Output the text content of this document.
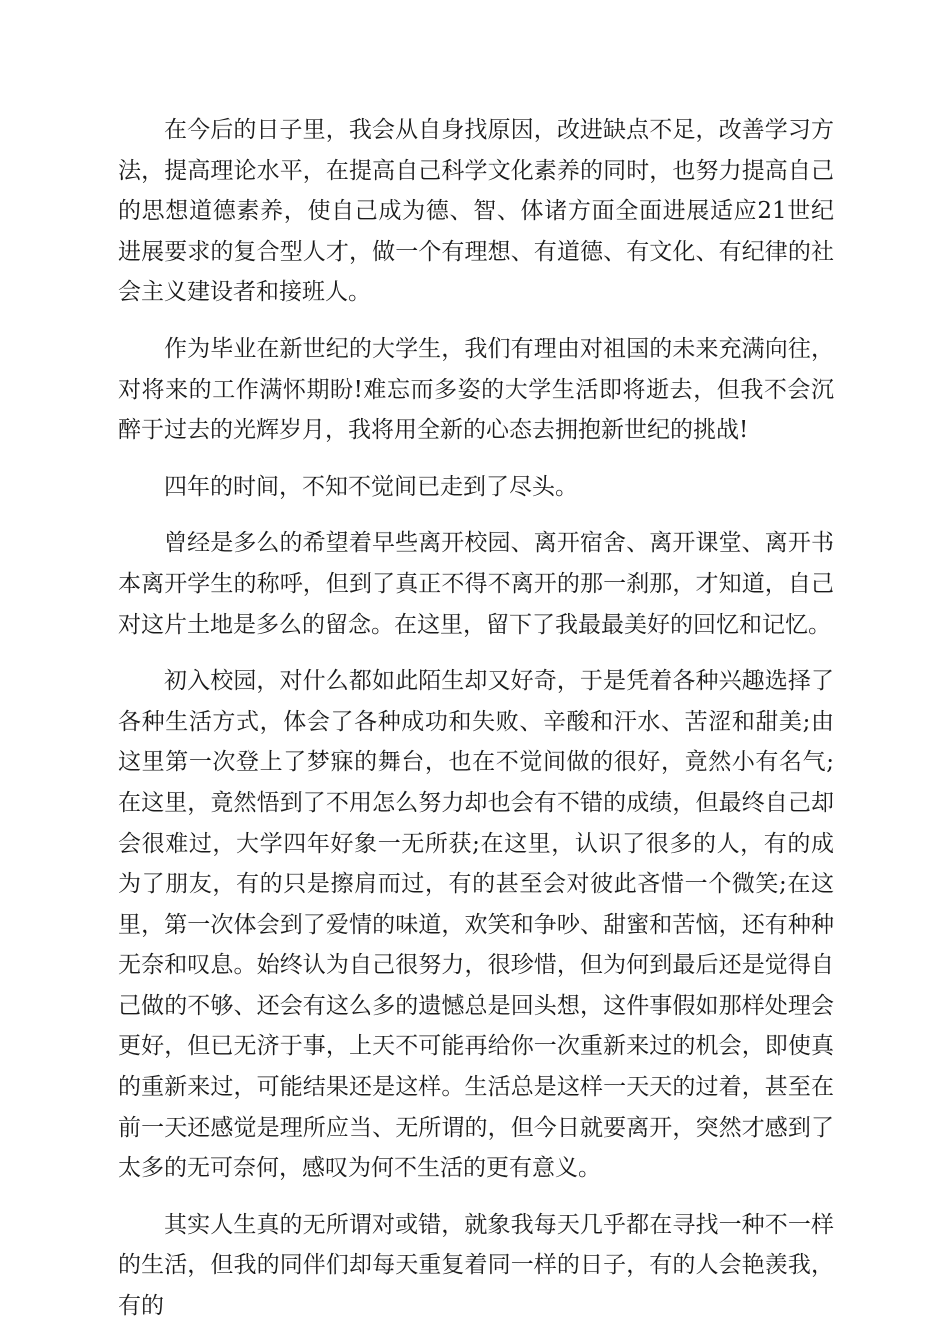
在今后的日子里，我会从自身找原因，改进缺点不足，改善学习方法，提高理论水平，在提高自己科学文化素养的同时，也努力提高自己的思想道德素养，使自己成为德、智、体诸方面全面进展适应21世纪进展要求的复合型人才，做一个有理想、有道德、有文化、有纪律的社会主义建设者和接班人。

作为毕业在新世纪的大学生，我们有理由对祖国的未来充满向往，对将来的工作满怀期盼!难忘而多姿的大学生活即将逝去，但我不会沉醉于过去的光辉岁月，我将用全新的心态去拥抱新世纪的挑战!

四年的时间，不知不觉间已走到了尽头。

曾经是多么的希望着早些离开校园、离开宿舍、离开课堂、离开书本离开学生的称呼，但到了真正不得不离开的那一刹那，才知道，自己对这片土地是多么的留念。在这里，留下了我最最美好的回忆和记忆。

初入校园，对什么都如此陌生却又好奇，于是凭着各种兴趣选择了各种生活方式，体会了各种成功和失败、辛酸和汗水、苦涩和甜美;由这里第一次登上了梦寐的舞台，也在不觉间做的很好，竟然小有名气;在这里，竟然悟到了不用怎么努力却也会有不错的成绩，但最终自己却会很难过，大学四年好象一无所获;在这里，认识了很多的人，有的成为了朋友，有的只是擦肩而过，有的甚至会对彼此吝惜一个微笑;在这里，第一次体会到了爱情的味道，欢笑和争吵、甜蜜和苦恼，还有种种无奈和叹息。始终认为自己很努力，很珍惜，但为何到最后还是觉得自己做的不够、还会有这么多的遗憾总是回头想，这件事假如那样处理会更好，但已无济于事，上天不可能再给你一次重新来过的机会，即使真的重新来过，可能结果还是这样。生活总是这样一天天的过着，甚至在前一天还感觉是理所应当、无所谓的，但今日就要离开，突然才感到了太多的无可奈何，感叹为何不生活的更有意义。

其实人生真的无所谓对或错，就象我每天几乎都在寻找一种不一样的生活，但我的同伴们却每天重复着同一样的日子，有的人会艳羡我，有的
